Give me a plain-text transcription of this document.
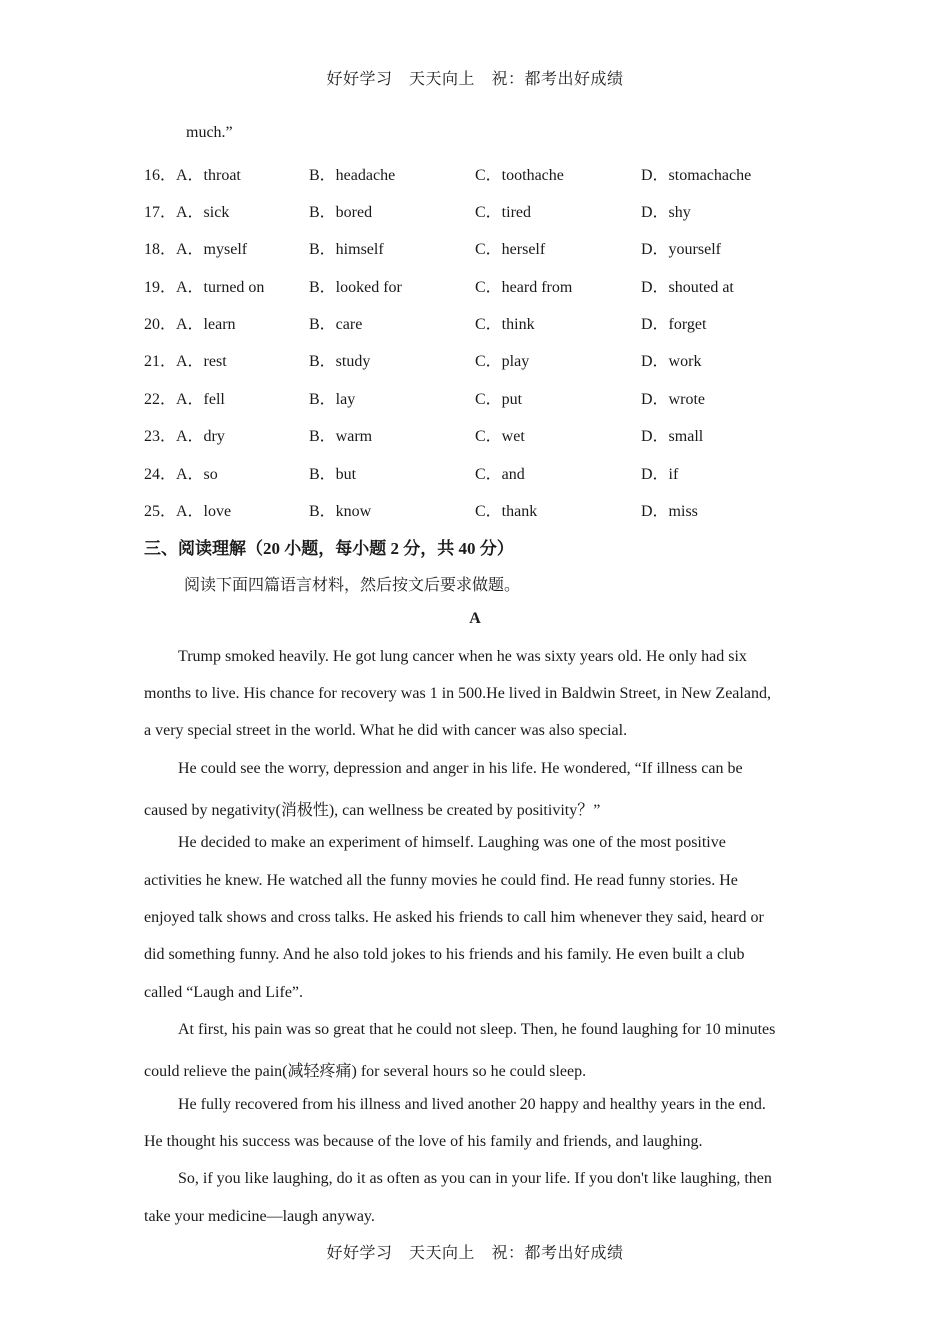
好好学习　天天向上　祝：都考出好成绩
much.”
16．A．throat	B．headache	C．toothache	D．stomachache
17．A．sick	B．bored	C．tired	D．shy
18．A．myself	B．himself	C．herself	D．yourself
19．A．turned on	B．looked for	C．heard from	D．shouted at
20．A．learn	B．care	C．think	D．forget
21．A．rest	B．study	C．play	D．work
22．A．fell	B．lay	C．put	D．wrote
23．A．dry	B．warm	C．wet	D．small
24．A．so	B．but	C．and	D．if
25．A．love	B．know	C．thank	D．miss
三、阅读理解（20 小题，每小题 2 分，共 40 分）
阅读下面四篇语言材料，然后按文后要求做题。
A
Trump smoked heavily. He got lung cancer when he was sixty years old. He only had six
months to live. His chance for recovery was 1 in 500.He lived in Baldwin Street, in New Zealand,
a very special street in the world. What he did with cancer was also special.
He could see the worry, depression and anger in his life. He wondered, “If illness can be
caused by negativity(消极性), can wellness be created by positivity？”
He decided to make an experiment of himself. Laughing was one of the most positive
activities he knew. He watched all the funny movies he could find. He read funny stories. He
enjoyed talk shows and cross talks. He asked his friends to call him whenever they said, heard or
did something funny. And he also told jokes to his friends and his family. He even built a club
called “Laugh and Life”.
At first, his pain was so great that he could not sleep. Then, he found laughing for 10 minutes
could relieve the pain(减轻疼痛) for several hours so he could sleep.
He fully recovered from his illness and lived another 20 happy and healthy years in the end.
He thought his success was because of the love of his family and friends, and laughing.
So, if you like laughing, do it as often as you can in your life. If you don't like laughing, then
take your medicine—laugh anyway.
好好学习　天天向上　祝：都考出好成绩
